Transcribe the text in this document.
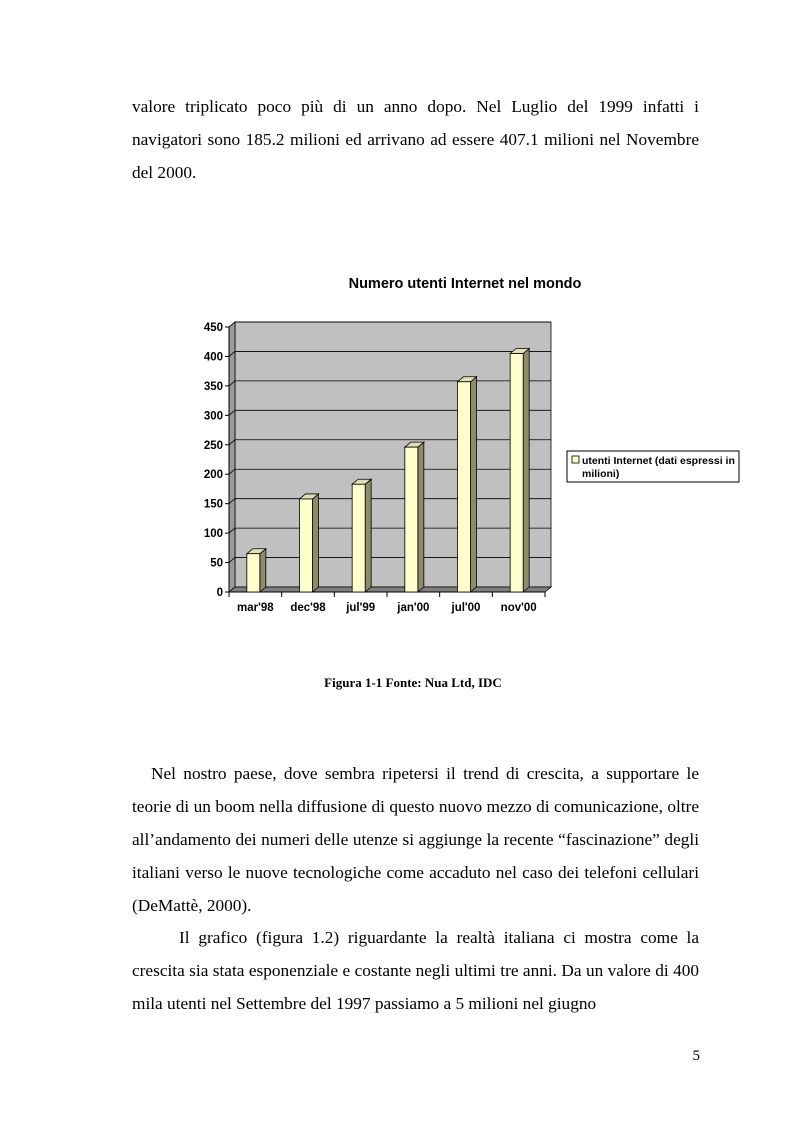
valore triplicato poco più di un anno dopo. Nel Luglio del 1999 infatti i navigatori sono 185.2 milioni ed arrivano ad essere 407.1 milioni nel Novembre del 2000.

Numero utenti Internet nel mondo
0
50
100
150
200
250
300
350
400
450
mar'98 dec'98 jul'99 jan'00 jul'00 nov'00
utenti Internet (dati espressi in
milioni)
Figura 1-1 Fonte: Nua Ltd, IDC

Nel nostro paese, dove sembra ripetersi il trend di crescita, a supportare le teorie di un boom nella diffusione di questo nuovo mezzo di comunicazione, oltre all’andamento dei numeri delle utenze si aggiunge la recente “fascinazione” degli italiani verso le nuove tecnologiche come accaduto nel caso dei telefoni cellulari (DeMattè, 2000).

Il grafico (figura 1.2) riguardante la realtà italiana ci mostra come la crescita sia stata esponenziale e costante negli ultimi tre anni. Da un valore di 400 mila utenti nel Settembre del 1997 passiamo a 5 milioni nel giugno

5
